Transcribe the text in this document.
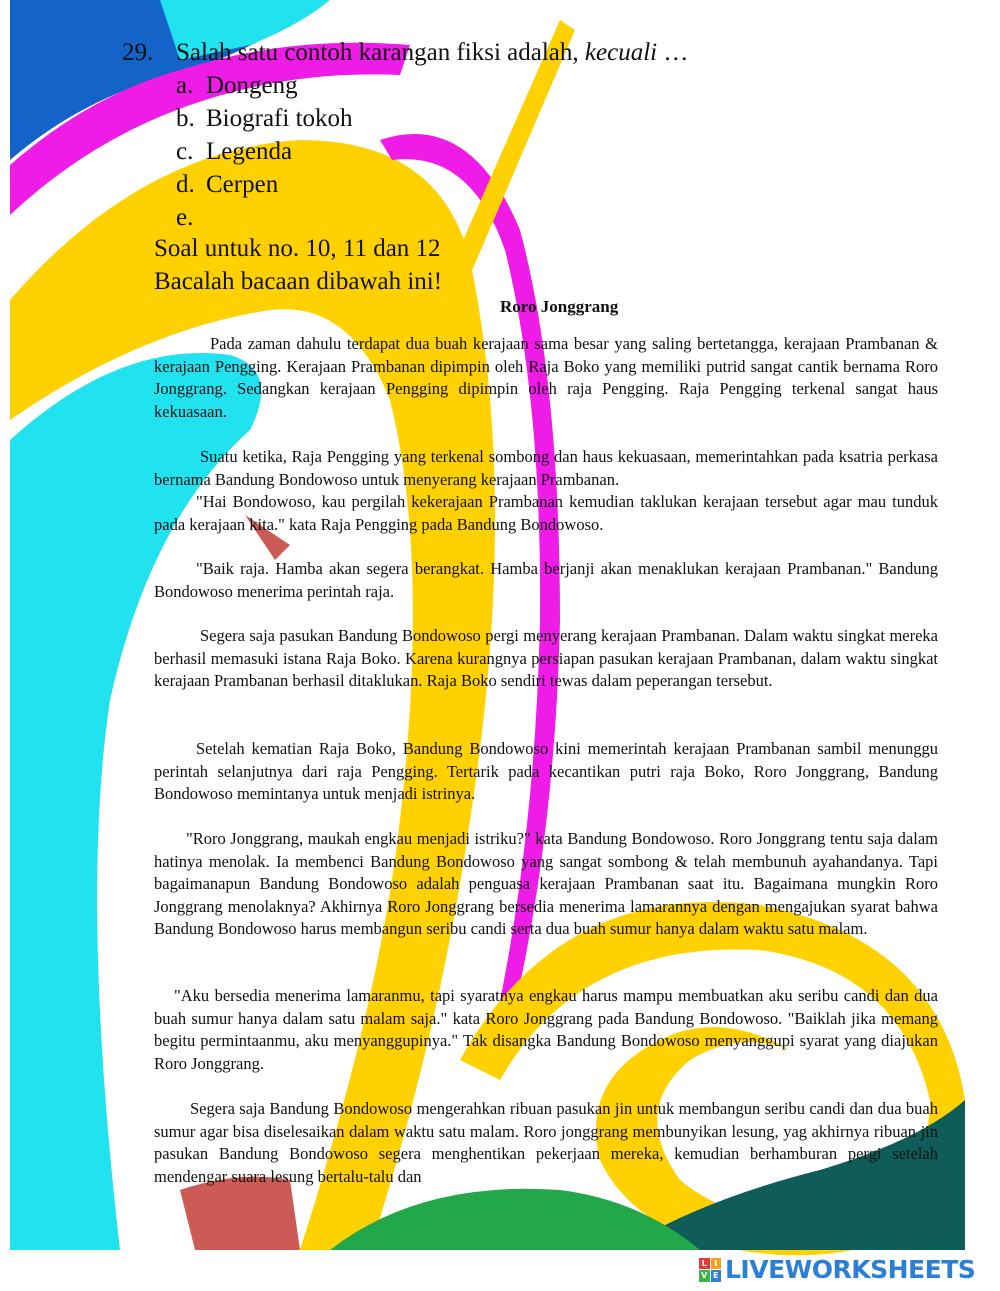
29. Salah satu contoh karangan fiksi adalah, kecuali …
a. Dongeng
b. Biografi tokoh
c. Legenda
d. Cerpen
e.
Soal untuk no. 10, 11 dan 12
Bacalah bacaan dibawah ini!
Roro Jonggrang

Pada zaman dahulu terdapat dua buah kerajaan sama besar yang saling bertetangga, kerajaan Prambanan & kerajaan Pengging. Kerajaan Prambanan dipimpin oleh Raja Boko yang memiliki putrid sangat cantik bernama Roro Jonggrang. Sedangkan kerajaan Pengging dipimpin oleh raja Pengging. Raja Pengging terkenal sangat haus kekuasaan.

Suatu ketika, Raja Pengging yang terkenal sombong dan haus kekuasaan, memerintahkan pada ksatria perkasa bernama Bandung Bondowoso untuk menyerang kerajaan Prambanan.

"Hai Bondowoso, kau pergilah kekerajaan Prambanan kemudian taklukan kerajaan tersebut agar mau tunduk pada kerajaan kita." kata Raja Pengging pada Bandung Bondowoso.

"Baik raja. Hamba akan segera berangkat. Hamba berjanji akan menaklukan kerajaan Prambanan." Bandung Bondowoso menerima perintah raja.

Segera saja pasukan Bandung Bondowoso pergi menyerang kerajaan Prambanan. Dalam waktu singkat mereka berhasil memasuki istana Raja Boko. Karena kurangnya persiapan pasukan kerajaan Prambanan, dalam waktu singkat kerajaan Prambanan berhasil ditaklukan. Raja Boko sendiri tewas dalam peperangan tersebut.

Setelah kematian Raja Boko, Bandung Bondowoso kini memerintah kerajaan Prambanan sambil menunggu perintah selanjutnya dari raja Pengging. Tertarik pada kecantikan putri raja Boko, Roro Jonggrang, Bandung Bondowoso memintanya untuk menjadi istrinya.

"Roro Jonggrang, maukah engkau menjadi istriku?" kata Bandung Bondowoso. Roro Jonggrang tentu saja dalam hatinya menolak. Ia membenci Bandung Bondowoso yang sangat sombong & telah membunuh ayahandanya. Tapi bagaimanapun Bandung Bondowoso adalah penguasa kerajaan Prambanan saat itu. Bagaimana mungkin Roro Jonggrang menolaknya? Akhirnya Roro Jonggrang bersedia menerima lamarannya dengan mengajukan syarat bahwa Bandung Bondowoso harus membangun seribu candi serta dua buah sumur hanya dalam waktu satu malam.

"Aku bersedia menerima lamaranmu, tapi syaratnya engkau harus mampu membuatkan aku seribu candi dan dua buah sumur hanya dalam satu malam saja." kata Roro Jonggrang pada Bandung Bondowoso. "Baiklah jika memang begitu permintaanmu, aku menyanggupinya." Tak disangka Bandung Bondowoso menyanggupi syarat yang diajukan Roro Jonggrang.

Segera saja Bandung Bondowoso mengerahkan ribuan pasukan jin untuk membangun seribu candi dan dua buah sumur agar bisa diselesaikan dalam waktu satu malam. Roro jonggrang membunyikan lesung, yag akhirnya ribuan jin pasukan Bandung Bondowoso segera menghentikan pekerjaan mereka, kemudian berhamburan pergi setelah mendengar suara lesung bertalu-talu dan

L I
V E LIVEWORKSHEETS
